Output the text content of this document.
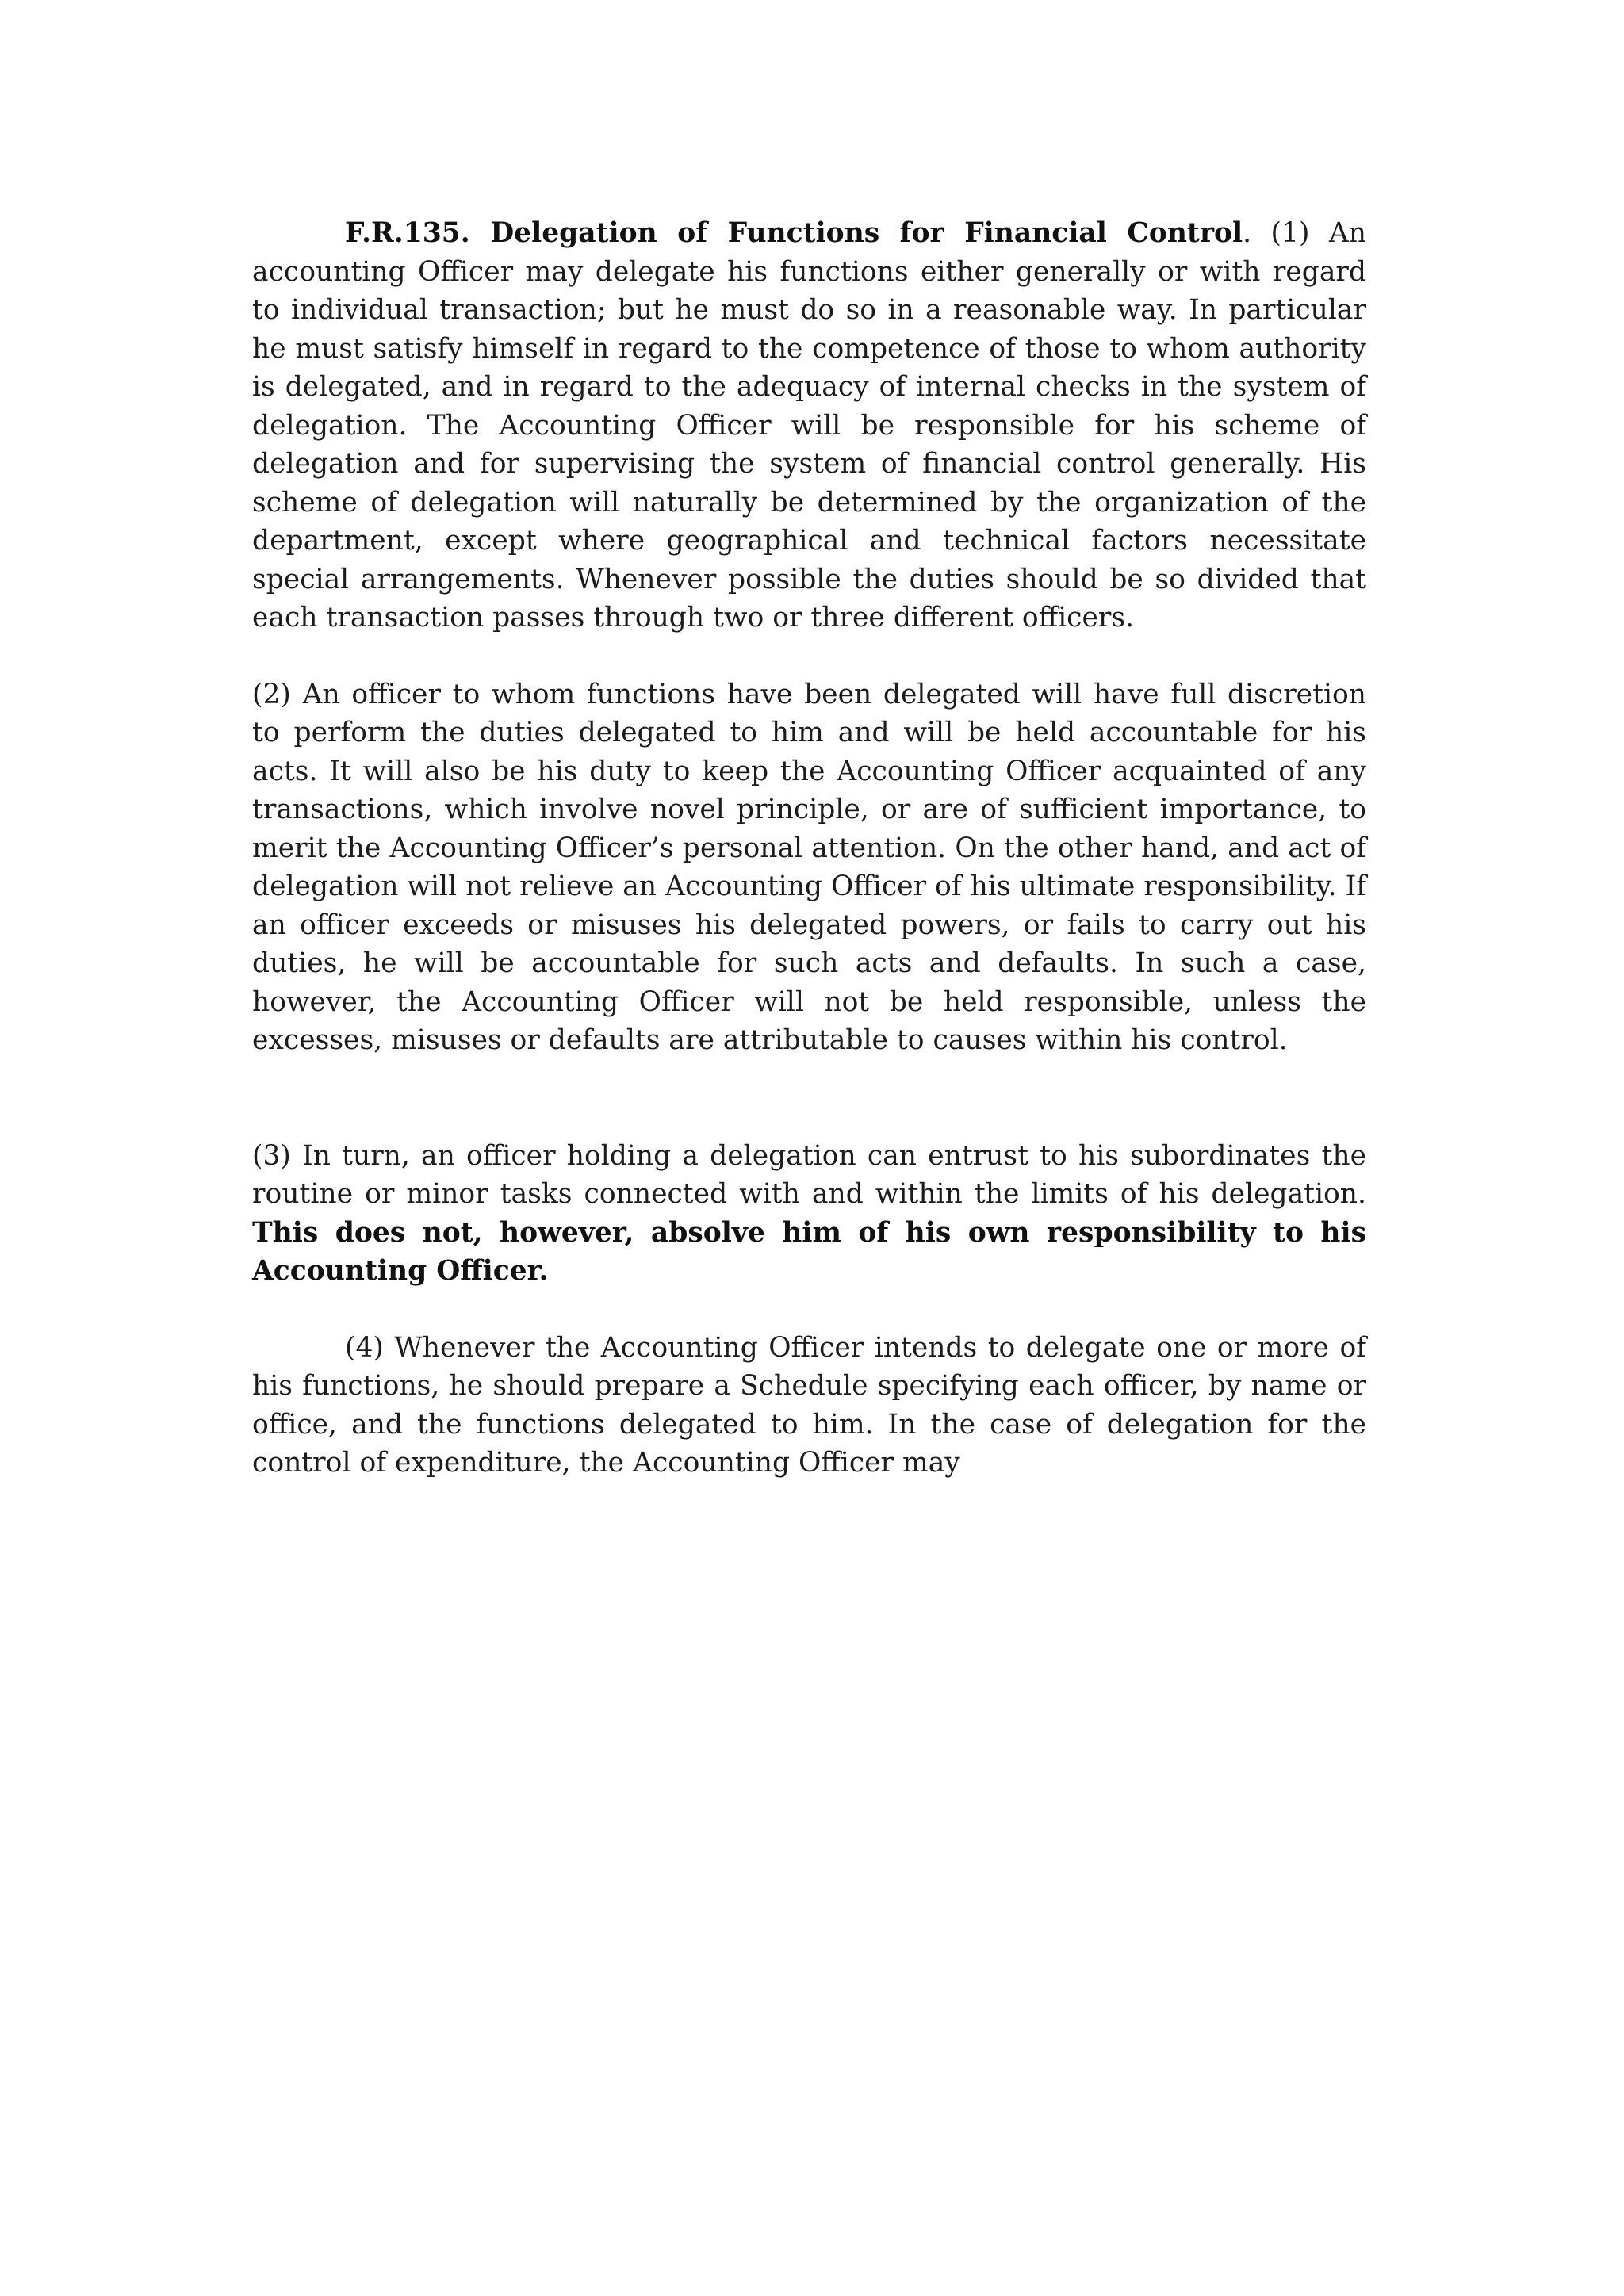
F.R.135. Delegation of Functions for Financial Control. (1) An accounting Officer may delegate his functions either generally or with regard to individual transaction; but he must do so in a reasonable way. In particular he must satisfy himself in regard to the competence of those to whom authority is delegated, and in regard to the adequacy of internal checks in the system of delegation. The Accounting Officer will be responsible for his scheme of delegation and for supervising the system of financial control generally. His scheme of delegation will naturally be determined by the organization of the department, except where geographical and technical factors necessitate special arrangements. Whenever possible the duties should be so divided that each transaction passes through two or three different officers.

(2) An officer to whom functions have been delegated will have full discretion to perform the duties delegated to him and will be held accountable for his acts. It will also be his duty to keep the Accounting Officer acquainted of any transactions, which involve novel principle, or are of sufficient importance, to merit the Accounting Officer’s personal attention. On the other hand, and act of delegation will not relieve an Accounting Officer of his ultimate responsibility. If an officer exceeds or misuses his delegated powers, or fails to carry out his duties, he will be accountable for such acts and defaults. In such a case, however, the Accounting Officer will not be held responsible, unless the excesses, misuses or defaults are attributable to causes within his control.

(3) In turn, an officer holding a delegation can entrust to his subordinates the routine or minor tasks connected with and within the limits of his delegation. This does not, however, absolve him of his own responsibility to his Accounting Officer.

(4) Whenever the Accounting Officer intends to delegate one or more of his functions, he should prepare a Schedule specifying each officer, by name or office, and the functions delegated to him. In the case of delegation for the control of expenditure, the Accounting Officer may
